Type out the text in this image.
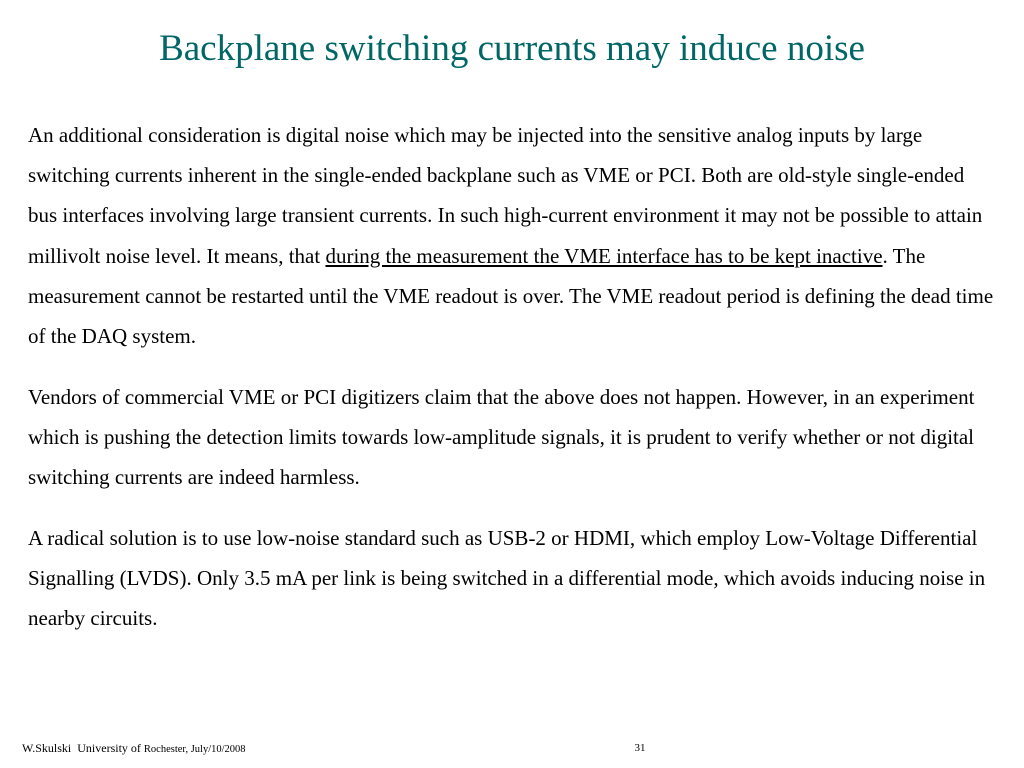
Backplane switching currents may induce noise

An additional consideration is digital noise which may be injected into the sensitive analog inputs by large switching currents inherent in the single-ended backplane such as VME or PCI. Both are old-style single-ended bus interfaces involving large transient currents. In such high-current environment it may not be possible to attain millivolt noise level. It means, that during the measurement the VME interface has to be kept inactive. The measurement cannot be restarted until the VME readout is over. The VME readout period is defining the dead time of the DAQ system.

Vendors of commercial VME or PCI digitizers claim that the above does not happen. However, in an experiment which is pushing the detection limits towards low-amplitude signals, it is prudent to verify whether or not digital switching currents are indeed harmless.

A radical solution is to use low-noise standard such as USB-2 or HDMI, which employ Low-Voltage Differential Signalling (LVDS). Only 3.5 mA per link is being switched in a differential mode, which avoids inducing noise in nearby circuits.

W.Skulski University of Rochester, July/10/2008	31
